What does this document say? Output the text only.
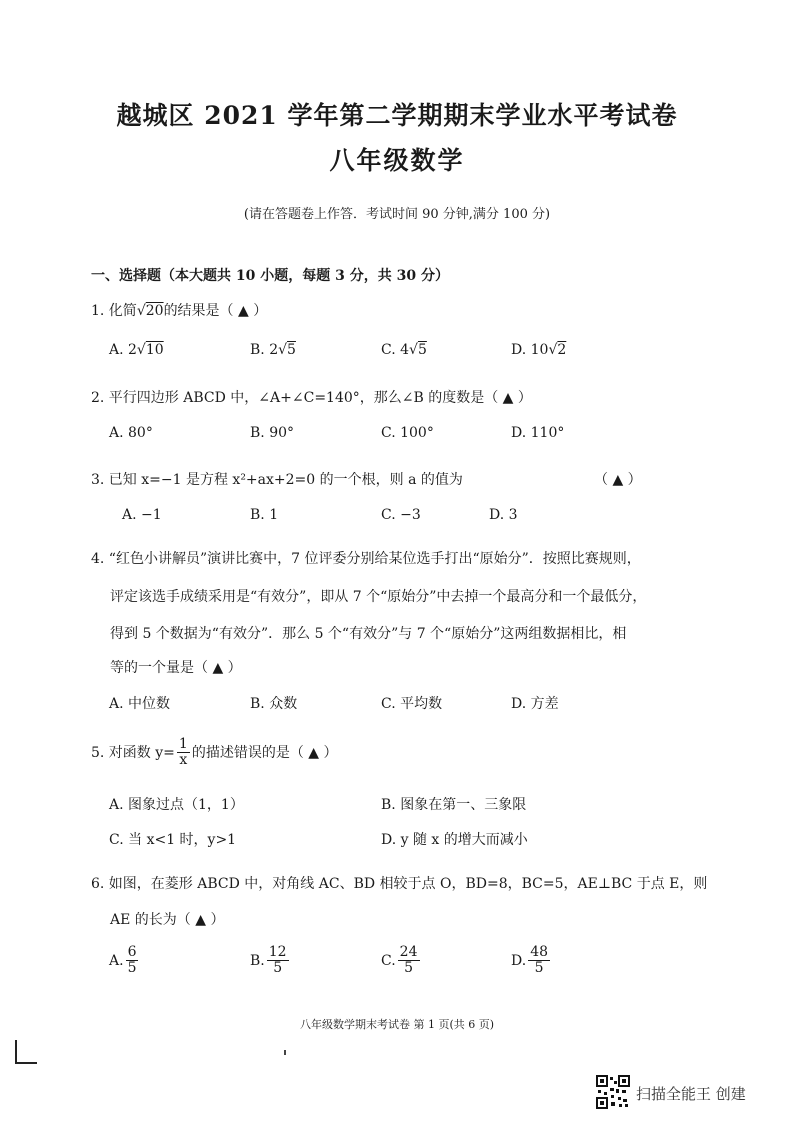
越城区 2021 学年第二学期期末学业水平考试卷
八年级数学
(请在答题卷上作答．考试时间 90 分钟,满分 100 分)
一、选择题（本大题共 10 小题，每题 3 分，共 30 分）
1. 化简√20的结果是（ ▲ ）
A. 2√10	B. 2√5	C. 4√5	D. 10√2
2. 平行四边形 ABCD 中，∠A+∠C=140°，那么∠B 的度数是（ ▲ ）
A. 80°	B. 90°	C. 100°	D. 110°
3. 已知 x=−1 是方程 x²+ax+2=0 的一个根，则 a 的值为	（ ▲ ）
A. −1	B. 1	C. −3	D. 3
4. “红色小讲解员”演讲比赛中，7 位评委分别给某位选手打出“原始分”．按照比赛规则，
评定该选手成绩采用是“有效分”，即从 7 个“原始分”中去掉一个最高分和一个最低分，
得到 5 个数据为“有效分”．那么 5 个“有效分”与 7 个“原始分”这两组数据相比，相
等的一个量是（ ▲ ）
A. 中位数	B. 众数	C. 平均数	D. 方差
5. 对函数 $y= \frac{1}{x}$ 的描述错误的是（ ▲ ）
A. 图象过点（1，1）	B. 图象在第一、三象限
C. 当 x<1 时，y>1	D. y 随 x 的增大而减小
6. 如图，在菱形 ABCD 中，对角线 AC、BD 相较于点 O，BD=8，BC=5，AE⊥BC 于点 E，则
AE 的长为（ ▲ ）
A. $\frac{6}{5}$	B. $\frac{12}{5}$	C. $\frac{24}{5}$	D. $\frac{48}{5}$
八年级数学期末考试卷 第 1 页(共 6 页)
扫描全能王 创建
